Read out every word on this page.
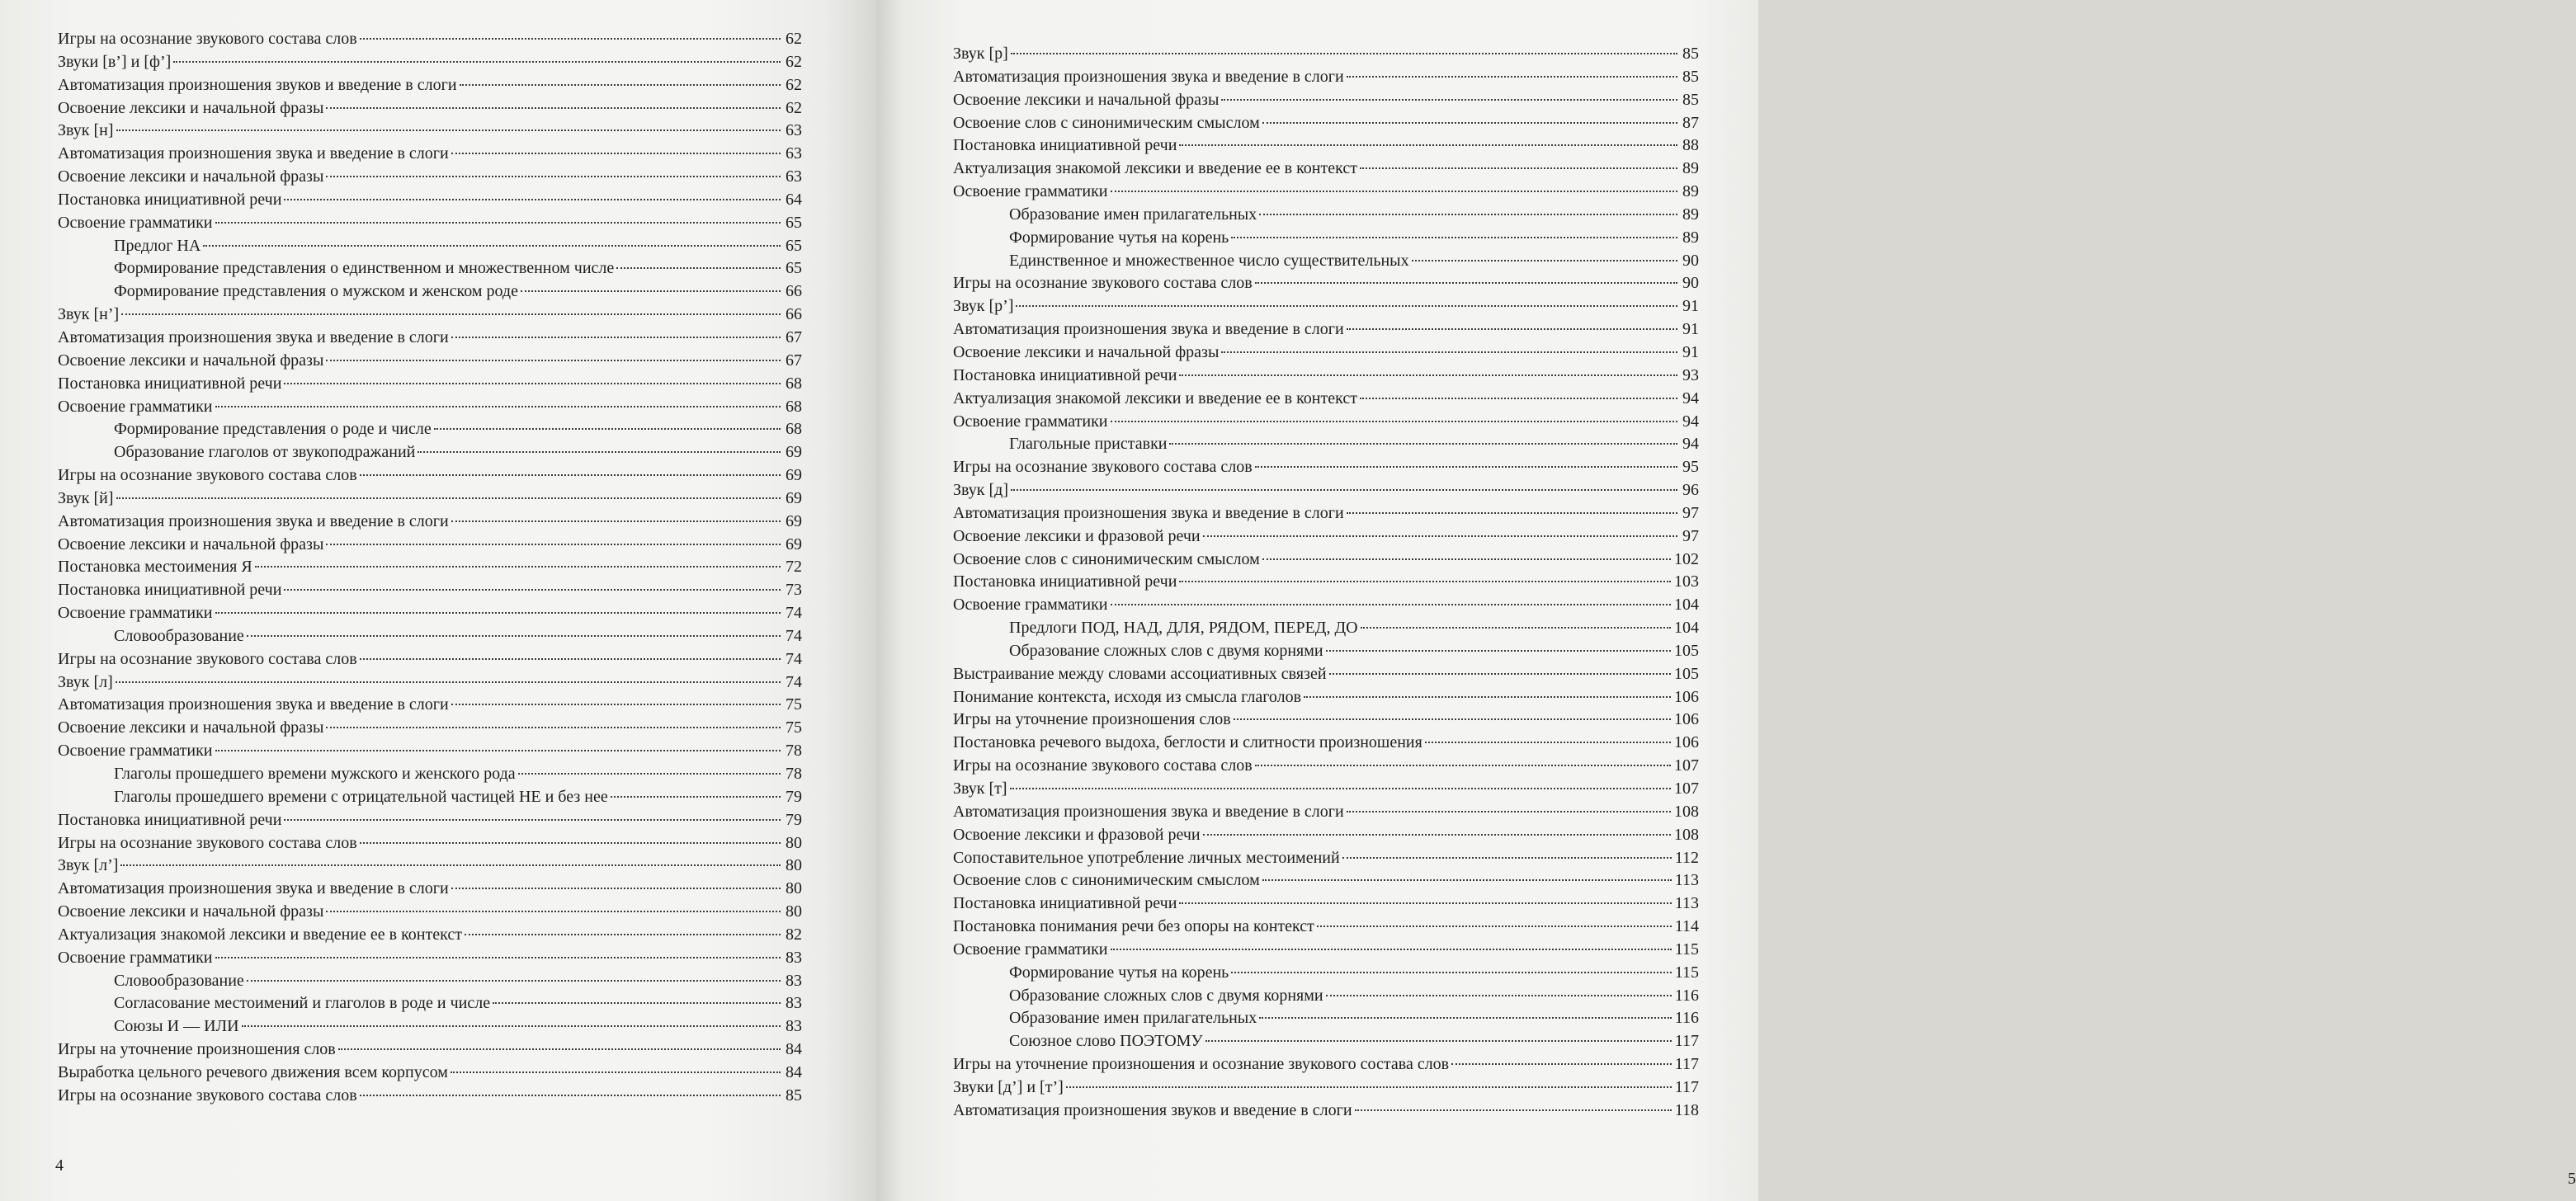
Игры на осознание звукового состава слов	62
Звуки [в’] и [ф’]	62
Автоматизация произношения звуков и введение в слоги	62
Освоение лексики и начальной фразы	62
Звук [н]	63
Автоматизация произношения звука и введение в слоги	63
Освоение лексики и начальной фразы	63
Постановка инициативной речи	64
Освоение грамматики	65
Предлог НА	65
Формирование представления о единственном и множественном числе	65
Формирование представления о мужском и женском роде	66
Звук [н’]	66
Автоматизация произношения звука и введение в слоги	67
Освоение лексики и начальной фразы	67
Постановка инициативной речи	68
Освоение грамматики	68
Формирование представления о роде и числе	68
Образование глаголов от звукоподражаний	69
Игры на осознание звукового состава слов	69
Звук [й]	69
Автоматизация произношения звука и введение в слоги	69
Освоение лексики и начальной фразы	69
Постановка местоимения Я	72
Постановка инициативной речи	73
Освоение грамматики	74
Словообразование	74
Игры на осознание звукового состава слов	74
Звук [л]	74
Автоматизация произношения звука и введение в слоги	75
Освоение лексики и начальной фразы	75
Освоение грамматики	78
Глаголы прошедшего времени мужского и женского рода	78
Глаголы прошедшего времени с отрицательной частицей НЕ и без нее	79
Постановка инициативной речи	79
Игры на осознание звукового состава слов	80
Звук [л’]	80
Автоматизация произношения звука и введение в слоги	80
Освоение лексики и начальной фразы	80
Актуализация знакомой лексики и введение ее в контекст	82
Освоение грамматики	83
Словообразование	83
Согласование местоимений и глаголов в роде и числе	83
Союзы И — ИЛИ	83
Игры на уточнение произношения слов	84
Выработка цельного речевого движения всем корпусом	84
Игры на осознание звукового состава слов	85
4
5
Звук [р]	85
Автоматизация произношения звука и введение в слоги	85
Освоение лексики и начальной фразы	85
Освоение слов с синонимическим смыслом	87
Постановка инициативной речи	88
Актуализация знакомой лексики и введение ее в контекст	89
Освоение грамматики	89
Образование имен прилагательных	89
Формирование чутья на корень	89
Единственное и множественное число существительных	90
Игры на осознание звукового состава слов	90
Звук [р’]	91
Автоматизация произношения звука и введение в слоги	91
Освоение лексики и начальной фразы	91
Постановка инициативной речи	93
Актуализация знакомой лексики и введение ее в контекст	94
Освоение грамматики	94
Глагольные приставки	94
Игры на осознание звукового состава слов	95
Звук [д]	96
Автоматизация произношения звука и введение в слоги	97
Освоение лексики и фразовой речи	97
Освоение слов с синонимическим смыслом	102
Постановка инициативной речи	103
Освоение грамматики	104
Предлоги ПОД, НАД, ДЛЯ, РЯДОМ, ПЕРЕД, ДО	104
Образование сложных слов с двумя корнями	105
Выстраивание между словами ассоциативных связей	105
Понимание контекста, исходя из смысла глаголов	106
Игры на уточнение произношения слов	106
Постановка речевого выдоха, беглости и слитности произношения	106
Игры на осознание звукового состава слов	107
Звук [т]	107
Автоматизация произношения звука и введение в слоги	108
Освоение лексики и фразовой речи	108
Сопоставительное употребление личных местоимений	112
Освоение слов с синонимическим смыслом	113
Постановка инициативной речи	113
Постановка понимания речи без опоры на контекст	114
Освоение грамматики	115
Формирование чутья на корень	115
Образование сложных слов с двумя корнями	116
Образование имен прилагательных	116
Союзное слово ПОЭТОМУ	117
Игры на уточнение произношения и осознание звукового состава слов	117
Звуки [д’] и [т’]	117
Автоматизация произношения звуков и введение в слоги	118
